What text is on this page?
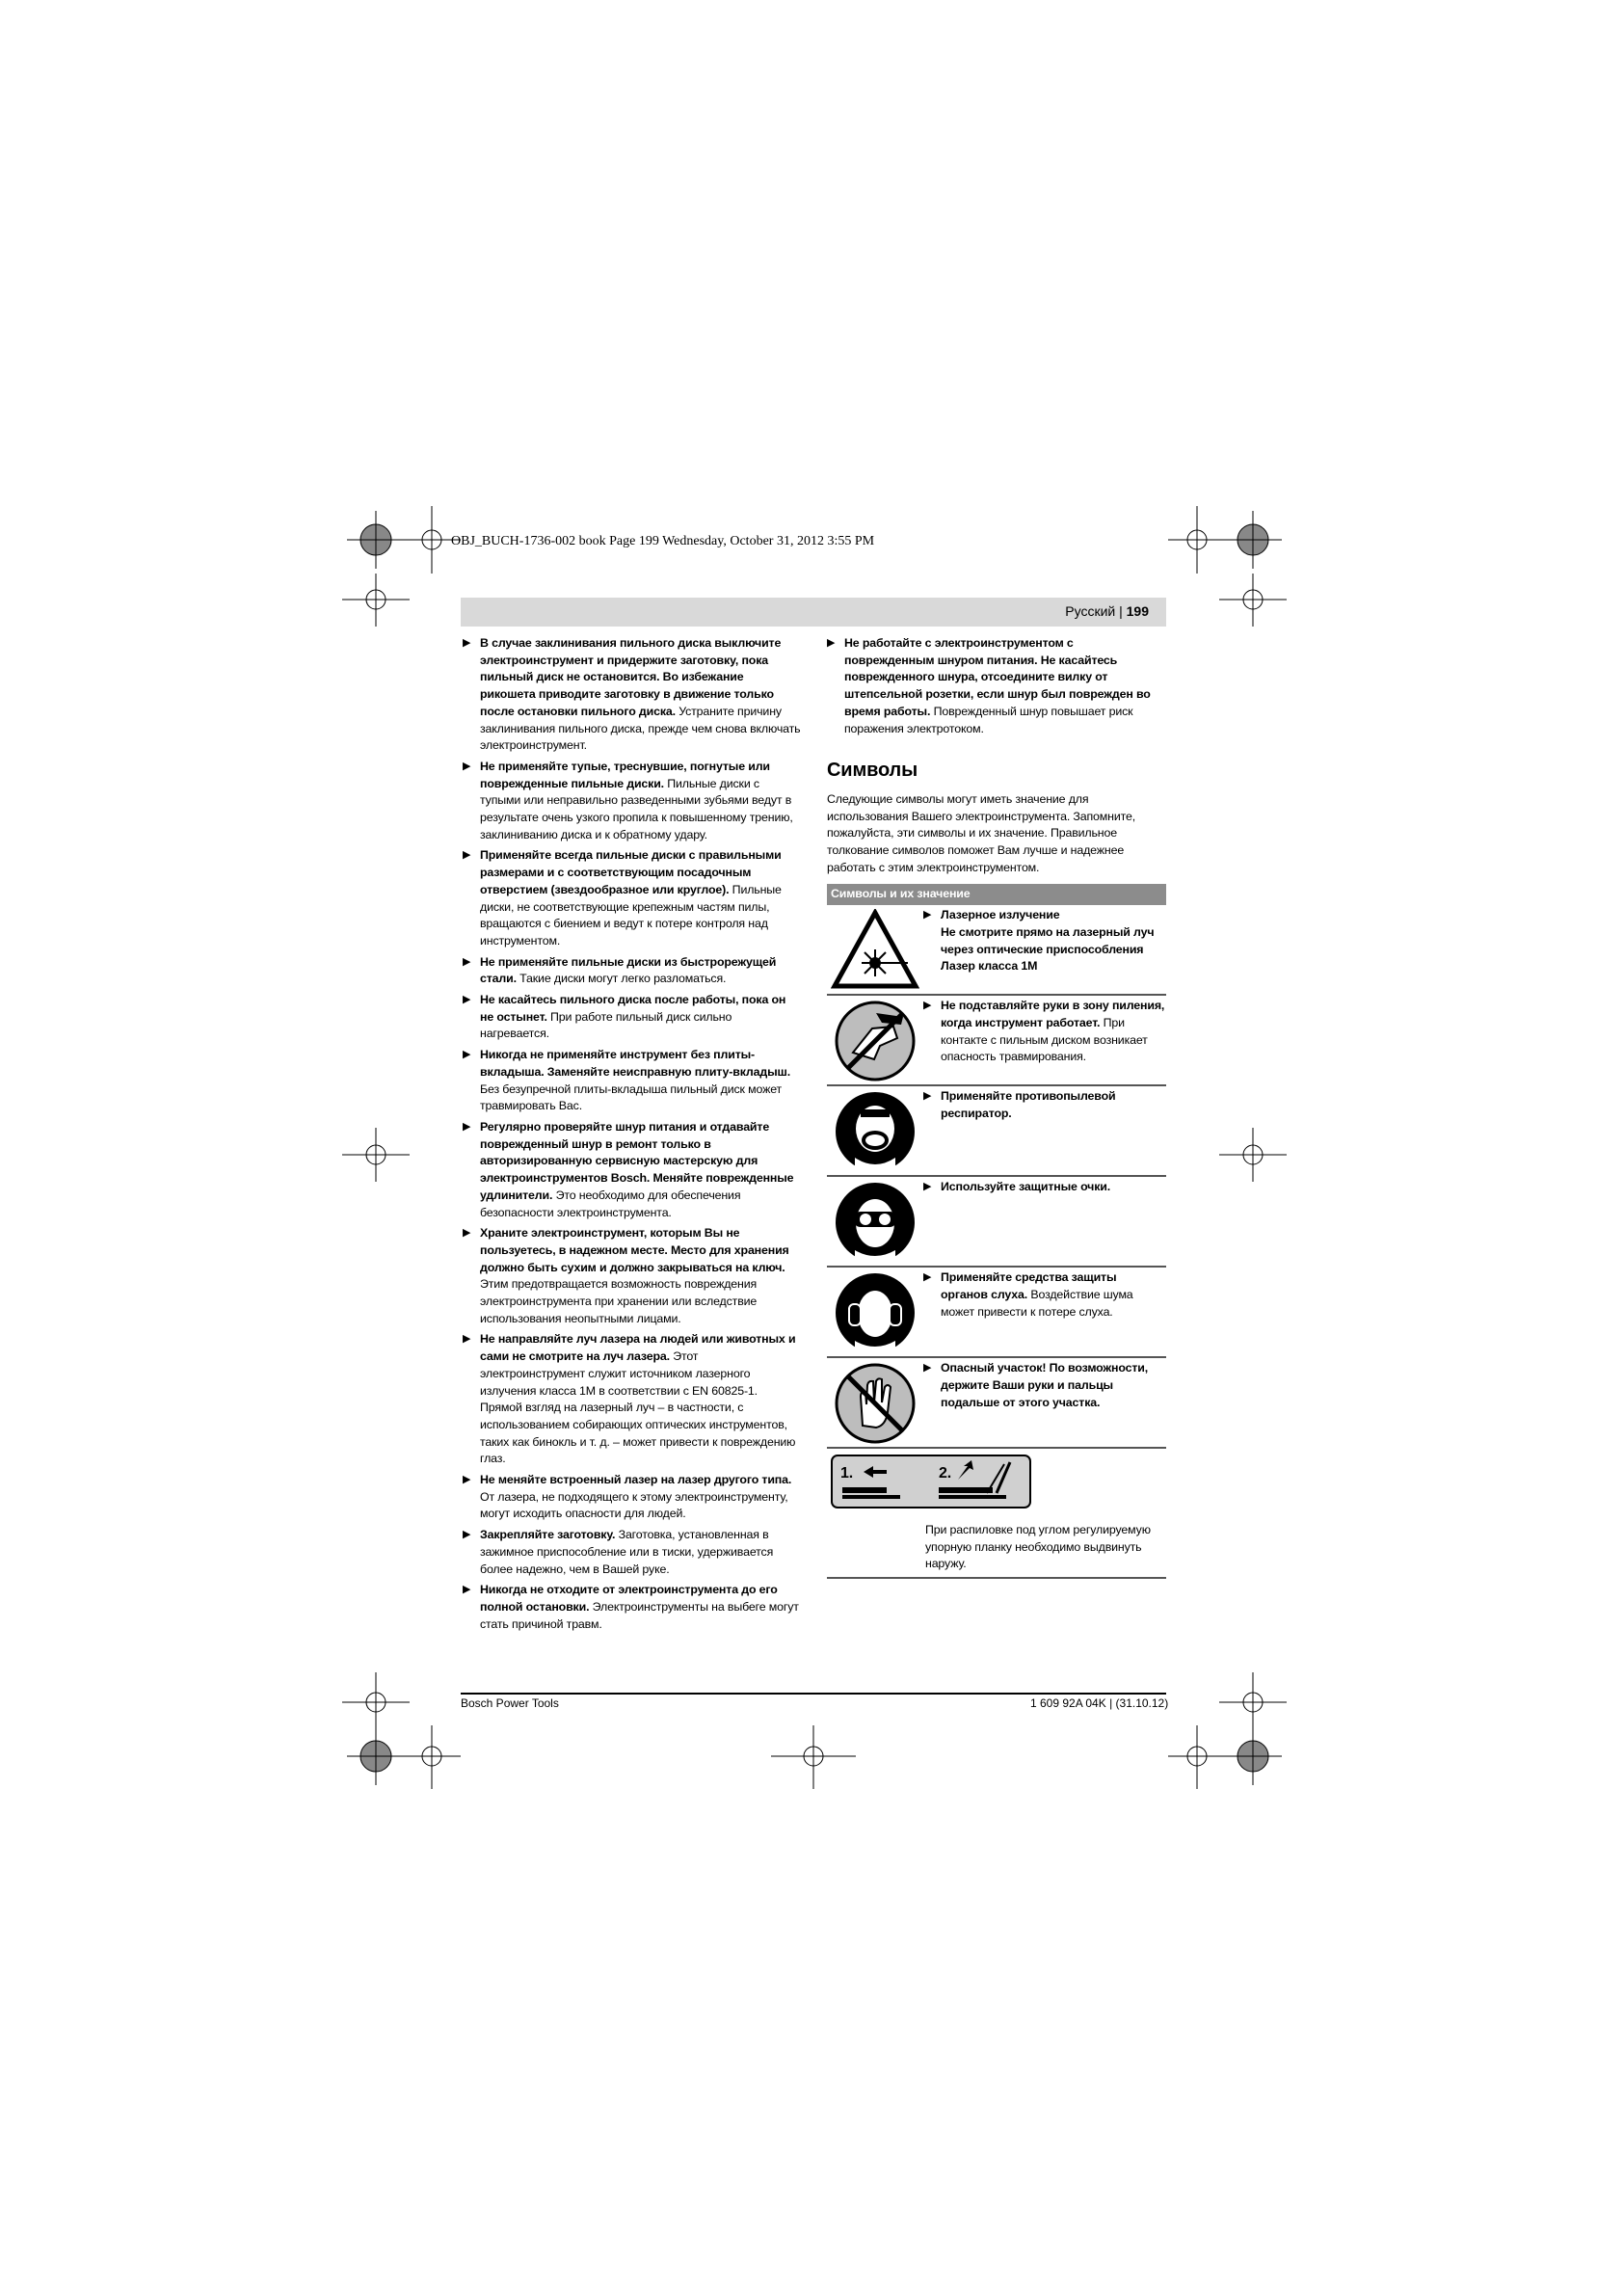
OBJ_BUCH-1736-002 book Page 199 Wednesday, October 31, 2012 3:55 PM
Русский | 199
▶ В случае заклинивания пильного диска выключите электроинструмент и придержите заготовку, пока пильный диск не остановится. Во избежание рикошета приводите заготовку в движение только после остановки пильного диска. Устраните причину заклинивания пильного диска, прежде чем снова включать электроинструмент.
▶ Не применяйте тупые, треснувшие, погнутые или поврежденные пильные диски. Пильные диски с тупыми или неправильно разведенными зубьями ведут в результате очень узкого пропила к повышенному трению, заклиниванию диска и к обратному удару.
▶ Применяйте всегда пильные диски с правильными размерами и с соответствующим посадочным отверстием (звездообразное или круглое). Пильные диски, не соответствующие крепежным частям пилы, вращаются с биением и ведут к потере контроля над инструментом.
▶ Не применяйте пильные диски из быстрорежущей стали. Такие диски могут легко разломаться.
▶ Не касайтесь пильного диска после работы, пока он не остынет. При работе пильный диск сильно нагревается.
▶ Никогда не применяйте инструмент без плиты-вкладыша. Заменяйте неисправную плиту-вкладыш. Без безупречной плиты-вкладыша пильный диск может травмировать Вас.
▶ Регулярно проверяйте шнур питания и отдавайте поврежденный шнур в ремонт только в авторизированную сервисную мастерскую для электроинструментов Bosch. Меняйте поврежденные удлинители. Это необходимо для обеспечения безопасности электроинструмента.
▶ Храните электроинструмент, которым Вы не пользуетесь, в надежном месте. Место для хранения должно быть сухим и должно закрываться на ключ. Этим предотвращается возможность повреждения электроинструмента при хранении или вследствие использования неопытными лицами.
▶ Не направляйте луч лазера на людей или животных и сами не смотрите на луч лазера. Этот электроинструмент служит источником лазерного излучения класса 1M в соответствии с EN 60825-1. Прямой взгляд на лазерный луч – в частности, с использованием собирающих оптических инструментов, таких как бинокль и т. д. – может привести к повреждению глаз.
▶ Не меняйте встроенный лазер на лазер другого типа. От лазера, не подходящего к этому электроинструменту, могут исходить опасности для людей.
▶ Закрепляйте заготовку. Заготовка, установленная в зажимное приспособление или в тиски, удерживается более надежно, чем в Вашей руке.
▶ Никогда не отходите от электроинструмента до его полной остановки. Электроинструменты на выбеге могут стать причиной травм.
▶ Не работайте с электроинструментом с поврежденным шнуром питания. Не касайтесь поврежденного шнура, отсоедините вилку от штепсельной розетки, если шнур был поврежден во время работы. Поврежденный шнур повышает риск поражения электротоком.
Символы

Следующие символы могут иметь значение для использования Вашего электроинструмента. Запомните, пожалуйста, эти символы и их значение. Правильное толкование символов поможет Вам лучше и надежнее работать с этим электроинструментом.

Символы и их значение
▶ Лазерное излучение
Не смотрите прямо на лазерный луч через оптические приспособления
Лазер класса 1M
▶ Не подставляйте руки в зону пиления, когда инструмент работает. При контакте с пильным диском возникает опасность травмирования.
▶ Применяйте противопылевой респиратор.
▶ Используйте защитные очки.
▶ Применяйте средства защиты органов слуха. Воздействие шума может привести к потере слуха.
▶ Опасный участок! По возможности, держите Ваши руки и пальцы подальше от этого участка.
1.	2.
При распиловке под углом регулируемую упорную планку необходимо выдвинуть наружу.
Bosch Power Tools	1 609 92A 04K | (31.10.12)
